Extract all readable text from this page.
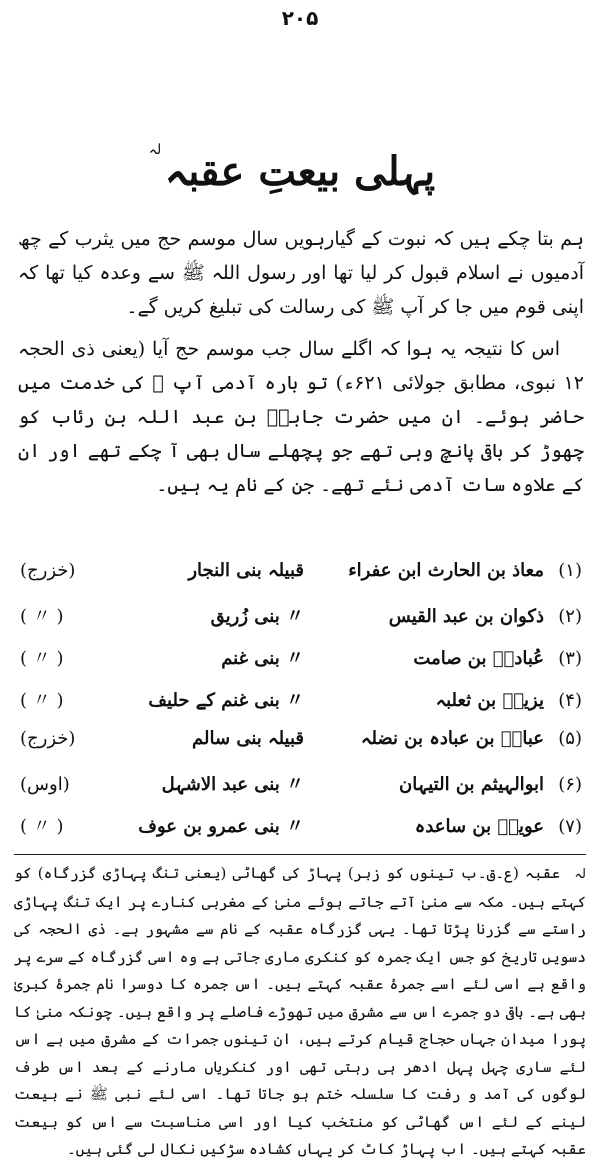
۲۰۵
پہلی بیعتِ عقبہ
لہ

ہم بتا چکے ہیں کہ نبوت کے گیارہویں سال موسم حج میں یثرب کے چھ آدمیوں نے اسلام قبول کر لیا تھا اور رسول اللہ ﷺ سے وعدہ کیا تھا کہ اپنی قوم میں جا کر آپ ﷺ کی رسالت کی تبلیغ کریں گے۔

اس کا نتیجہ یہ ہوا کہ اگلے سال جب موسم حج آیا (یعنی ذی الحجہ ۱۲ نبوی، مطابق جولائی ۶۲۱ء) تو بارہ آدمی آپ ﷺ کی خدمت میں حاضر ہوئے۔ ان میں حضرت جابرؓ بن عبد اللہ بن رئاب کو چھوڑ کر باقی پانچ وہی تھے جو پچھلے سال بھی آ چکے تھے اور ان کے علاوہ سات آدمی نئے تھے۔ جن کے نام یہ ہیں۔

(۱)
معاذ بن الحارث ابن عفراء
قبیلہ بنی النجار
(خزرج)
(۲)
ذکوان بن عبد القیس
〃 بنی زُریق
( 〃 )
(۳)
عُبادہؓ بن صامت
〃 بنی غنم
( 〃 )
(۴)
یزیدؓ بن ثعلبہ
〃 بنی غنم کے حلیف
( 〃 )
(۵)
عباسؓ بن عبادہ بن نضلہ
قبیلہ بنی سالم
(خزرج)
(۶)
ابوالہیثم بن التیہان
〃 بنی عبد الاشہل
(اوس)
(۷)
عویمؓ بن ساعدہ
〃 بنی عمرو بن عوف
( 〃 )
لہ عقبہ (ع۔ق۔ب تینوں کو زبر) پہاڑ کی گھاٹی (یعنی تنگ پہاڑی گزرگاہ) کو کہتے ہیں۔ مکہ سے منیٰ آتے جاتے ہوئے منیٰ کے مغربی کنارے پر ایک تنگ پہاڑی راستے سے گزرنا پڑتا تھا۔ یہی گزرگاہ عقبہ کے نام سے مشہور ہے۔ ذی الحجہ کی دسویں تاریخ کو جس ایک جمرہ کو کنکری ماری جاتی ہے وہ اسی گزرگاہ کے سرے پر واقع ہے اسی لئے اسے جمرۂ عقبہ کہتے ہیں۔ اس جمرہ کا دوسرا نام جمرۂ کبریٰ بھی ہے۔ باقی دو جمرے اس سے مشرق میں تھوڑے فاصلے پر واقع ہیں۔ چونکہ منیٰ کا پورا میدان جہاں حجاج قیام کرتے ہیں، ان تینوں جمرات کے مشرق میں ہے اس لئے ساری چہل پہل ادھر ہی رہتی تھی اور کنکریاں مارنے کے بعد اس طرف لوگوں کی آمد و رفت کا سلسلہ ختم ہو جاتا تھا۔ اسی لئے نبی ﷺ نے بیعت لینے کے لئے اس گھاٹی کو منتخب کیا اور اسی مناسبت سے اس کو بیعت عقبہ کہتے ہیں۔ اب پہاڑ کاٹ کر یہاں کشادہ سڑکیں نکال لی گئی ہیں۔
